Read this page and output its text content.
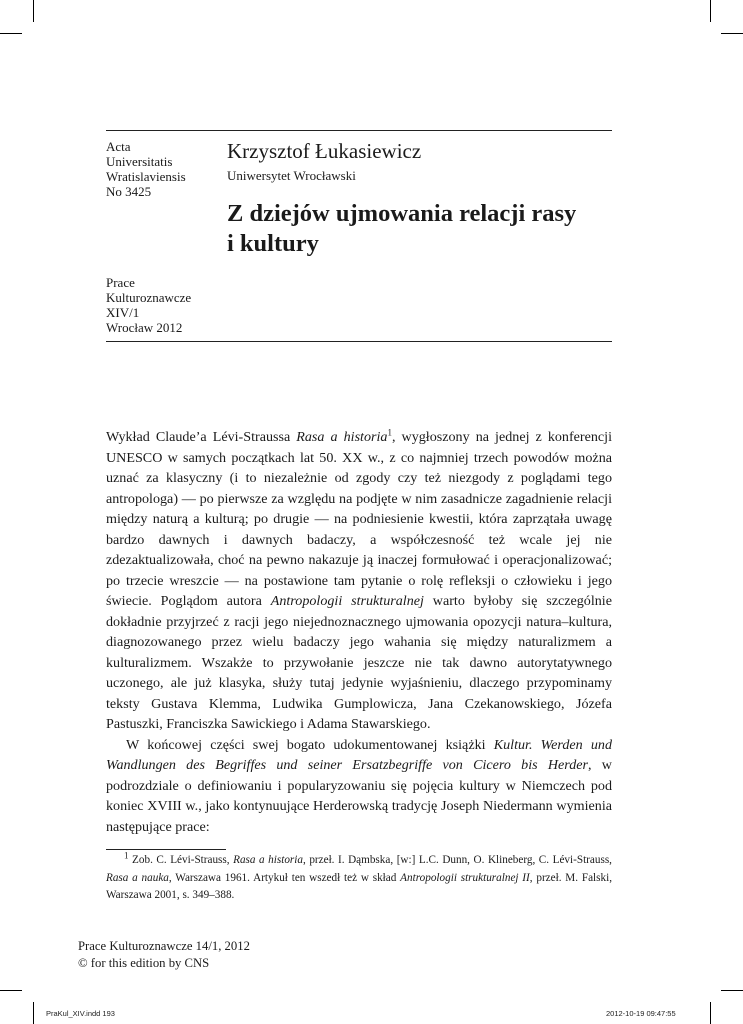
Acta
Universitatis
Wratislaviensis
No 3425
Prace
Kulturoznawcze
XIV/1
Wrocław 2012
Krzysztof Łukasiewicz
Uniwersytet Wrocławski
Z dziejów ujmowania relacji rasy
i kultury

Wykład Claude’a Lévi-Straussa Rasa a historia$^1$, wygłoszony na jednej z konferencji UNESCO w samych początkach lat 50. XX w., z co najmniej trzech powodów można uznać za klasyczny (i to niezależnie od zgody czy też niezgody z poglądami tego antropologa) — po pierwsze za względu na podjęte w nim zasadnicze zagadnienie relacji między naturą a kulturą; po drugie — na podniesienie kwestii, która zaprzątała uwagę bardzo dawnych i dawnych badaczy, a współczesność też wcale jej nie zdezaktualizowała, choć na pewno nakazuje ją inaczej formułować i operacjonalizować; po trzecie wreszcie — na postawione tam pytanie o rolę refleksji o człowieku i jego świecie. Poglądom autora Antropologii strukturalnej warto byłoby się szczególnie dokładnie przyjrzeć z racji jego niejednoznacznego ujmowania opozycji natura–kultura, diagnozowanego przez wielu badaczy jego wahania się między naturalizmem a kulturalizmem. Wszakże to przywołanie jeszcze nie tak dawno autorytatywnego uczonego, ale już klasyka, służy tutaj jedynie wyjaśnieniu, dlaczego przypominamy teksty Gustava Klemma, Ludwika Gumplowicza, Jana Czekanowskiego, Józefa Pastuszki, Franciszka Sawickiego i Adama Stawarskiego.

W końcowej części swej bogato udokumentowanej książki Kultur. Werden und Wandlungen des Begriffes und seiner Ersatzbegriffe von Cicero bis Herder, w podrozdziale o definiowaniu i popularyzowaniu się pojęcia kultury w Niemczech pod koniec XVIII w., jako kontynuujące Herderowską tradycję Joseph Niedermann wymienia następujące prace:

$^1$ Zob. C. Lévi-Strauss, Rasa a historia, przeł. I. Dąmbska, [w:] L.C. Dunn, O. Klineberg, C. Lévi-Strauss, Rasa a nauka, Warszawa 1961. Artykuł ten wszedł też w skład Antropologii strukturalnej II, przeł. M. Falski, Warszawa 2001, s. 349–388.

Prace Kulturoznawcze 14/1, 2012
© for this edition by CNS
PraKul_XIV.indd 193	2012-10-19 09:47:55
